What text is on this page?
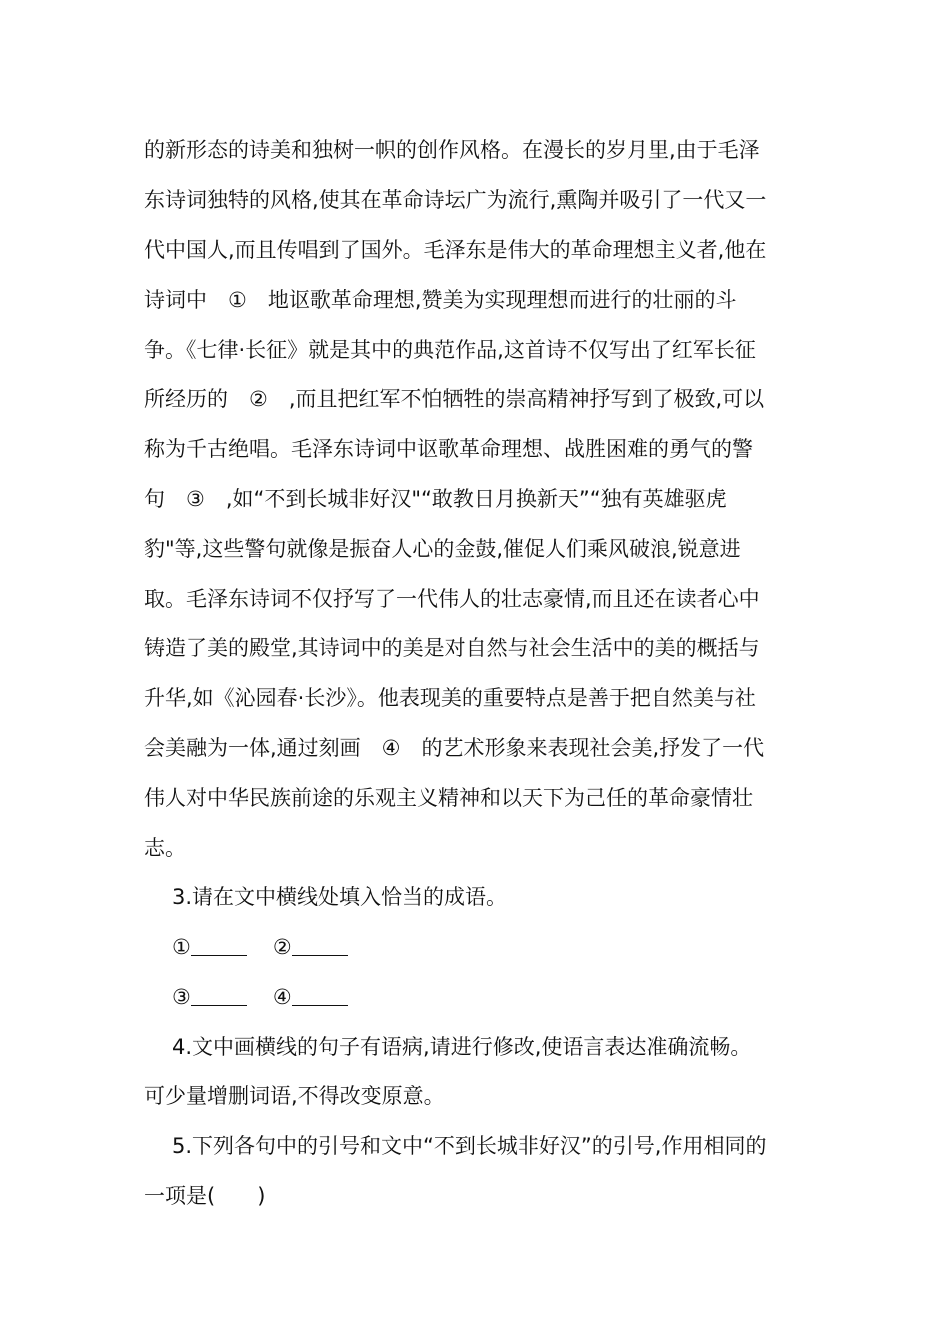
的新形态的诗美和独树一帜的创作风格。在漫长的岁月里,由于毛泽
东诗词独特的风格,使其在革命诗坛广为流行,熏陶并吸引了一代又一
代中国人,而且传唱到了国外。毛泽东是伟大的革命理想主义者,他在
诗词中　①　地讴歌革命理想,赞美为实现理想而进行的壮丽的斗
争。《七律·长征》就是其中的典范作品,这首诗不仅写出了红军长征
所经历的　②　,而且把红军不怕牺牲的崇高精神抒写到了极致,可以
称为千古绝唱。毛泽东诗词中讴歌革命理想、战胜困难的勇气的警
句　③　,如“不到长城非好汉"“敢教日月换新天”“独有英雄驱虎
豹"等,这些警句就像是振奋人心的金鼓,催促人们乘风破浪,锐意进
取。毛泽东诗词不仅抒写了一代伟人的壮志豪情,而且还在读者心中
铸造了美的殿堂,其诗词中的美是对自然与社会生活中的美的概括与
升华,如《沁园春·长沙》。他表现美的重要特点是善于把自然美与社
会美融为一体,通过刻画　④　的艺术形象来表现社会美,抒发了一代
伟人对中华民族前途的乐观主义精神和以天下为己任的革命豪情壮
志。
3.请在文中横线处填入恰当的成语。
①	②
③	④
4.文中画横线的句子有语病,请进行修改,使语言表达准确流畅。
可少量增删词语,不得改变原意。
5.下列各句中的引号和文中“不到长城非好汉”的引号,作用相同的
一项是(　　)
